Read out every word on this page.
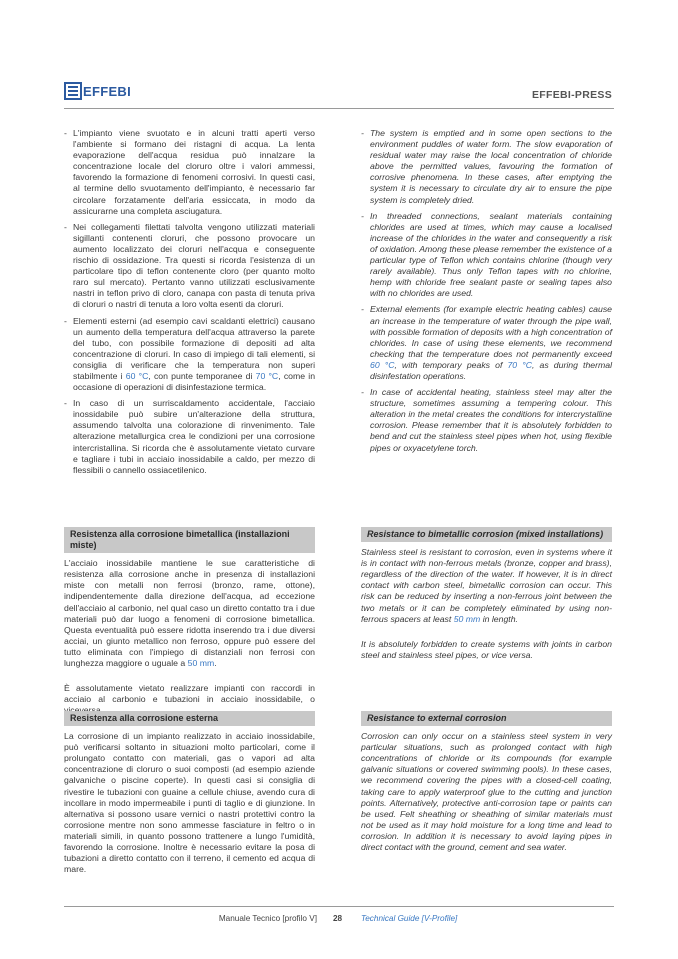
EFFEBI	EFFEBI-PRESS
- L'impianto viene svuotato e in alcuni tratti aperti verso l'ambiente si formano dei ristagni di acqua. La lenta evaporazione dell'acqua residua può innalzare la concentrazione locale del cloruro oltre i valori ammessi, favorendo la formazione di fenomeni corrosivi. In questi casi, al termine dello svuotamento dell'impianto, è necessario far circolare forzatamente dell'aria essiccata, in modo da assicurarne una completa asciugatura.
- Nei collegamenti filettati talvolta vengono utilizzati materiali sigillanti contenenti cloruri, che possono provocare un aumento localizzato dei cloruri nell'acqua e conseguente rischio di ossidazione. Tra questi si ricorda l'esistenza di un particolare tipo di teflon contenente cloro (per quanto molto raro sul mercato). Pertanto vanno utilizzati esclusivamente nastri in teflon privo di cloro, canapa con pasta di tenuta priva di cloruri o nastri di tenuta a loro volta esenti da cloruri.
- Elementi esterni (ad esempio cavi scaldanti elettrici) causano un aumento della temperatura dell'acqua attraverso la parete del tubo, con possibile formazione di depositi ad alta concentrazione di cloruri. In caso di impiego di tali elementi, si consiglia di verificare che la temperatura non superi stabilmente i 60 °C, con punte temporanee di 70 °C, come in occasione di operazioni di disinfestazione termica.
- In caso di un surriscaldamento accidentale, l'acciaio inossidabile può subire un'alterazione della struttura, assumendo talvolta una colorazione di rinvenimento. Tale alterazione metallurgica crea le condizioni per una corrosione intercristallina. Si ricorda che è assolutamente vietato curvare e tagliare i tubi in acciaio inossidabile a caldo, per mezzo di flessibili o cannello ossiacetilenico.
Resistenza alla corrosione bimetallica (installazioni miste)

L'acciaio inossidabile mantiene le sue caratteristiche di resistenza alla corrosione anche in presenza di installazioni miste con metalli non ferrosi (bronzo, rame, ottone), indipendentemente dalla direzione dell'acqua, ad eccezione dell'acciaio al carbonio, nel qual caso un diretto contatto tra i due materiali può dar luogo a fenomeni di corrosione bimetallica. Questa eventualità può essere ridotta inserendo tra i due diversi acciai, un giunto metallico non ferroso, oppure può essere del tutto eliminata con l'impiego di distanziali non ferrosi con lunghezza maggiore o uguale a 50 mm.

È assolutamente vietato realizzare impianti con raccordi in acciaio al carbonio e tubazioni in acciaio inossidabile, o

Resistenza alla corrosione esterna

La corrosione di un impianto realizzato in acciaio inossidabile, può verificarsi soltanto in situazioni molto particolari, come il prolungato contatto con materiali, gas o vapori ad alta concentrazione di cloruro o suoi composti (ad esempio aziende galvaniche o piscine coperte). In questi casi si consiglia di rivestire le tubazioni con guaine a cellule chiuse, avendo cura di incollare in modo impermeabile i punti di taglio e di giunzione. In alternativa si possono usare vernici o nastri protettivi contro la corrosione mentre non sono ammesse fasciature in feltro o in materiali simili, in quanto possono trattenere a lungo l'umidità, favorendo la corrosione. Inoltre è necessario evitare la posa di tubazioni a diretto contatto con il terreno, il cemento ed acqua di mare.

- The system is emptied and in some open sections to the environment puddles of water form. The slow evaporation of residual water may raise the local concentration of chloride above the permitted values, favouring the formation of corrosive phenomena. In these cases, after emptying the system it is necessary to circulate dry air to ensure the pipe system is completely dried.
- In threaded connections, sealant materials containing chlorides are used at times, which may cause a localised increase of the chlorides in the water and consequently a risk of oxidation. Among these please remember the existence of a particular type of Teflon which contains chlorine (though very rarely available). Thus only Teflon tapes with no chlorine, hemp with chloride free sealant paste or sealing tapes also with no chlorides are used.
- External elements (for example electric heating cables) cause an increase in the temperature of water through the pipe wall, with possible formation of deposits with a high concentration of chlorides. In case of using these elements, we recommend checking that the temperature does not permanently exceed 60 °C, with temporary peaks of 70 °C, as during thermal disinfestation operations.
- In case of accidental heating, stainless steel may alter the structure, sometimes assuming a tempering colour. This alteration in the metal creates the conditions for intercrystalline corrosion. Please remember that it is absolutely forbidden to bend and cut the stainless steel pipes when hot, using flexible pipes or oxyacetylene torch.
Resistance to bimetallic corrosion (mixed installations)

Stainless steel is resistant to corrosion, even in systems where it is in contact with non-ferrous metals (bronze, copper and brass), regardless of the direction of the water. If however, it is in direct contact with carbon steel, bimetallic corrosion can occur. This risk can be reduced by inserting a non-ferrous joint between the two metals or it can be completely eliminated by using non-ferrous spacers at least 50 mm in length.

It is absolutely forbidden to create systems with joints in carbon steel and stainless steel pipes, or vice versa.

Resistance to external corrosion

Corrosion can only occur on a stainless steel system in very particular situations, such as prolonged contact with high concentrations of chloride or its compounds (for example galvanic situations or covered swimming pools). In these cases, we recommend covering the pipes with a closed-cell coating, taking care to apply waterproof glue to the cutting and junction points. Alternatively, protective anti-corrosion tape or paints can be used. Felt sheathing or sheathing of similar materials must not be used as it may hold moisture for a long time and lead to corrosion. In addition it is necessary to avoid laying pipes in direct contact with the ground, cement and sea water.

Manuale Tecnico [profilo V] 28 Technical Guide [V-Profile]
